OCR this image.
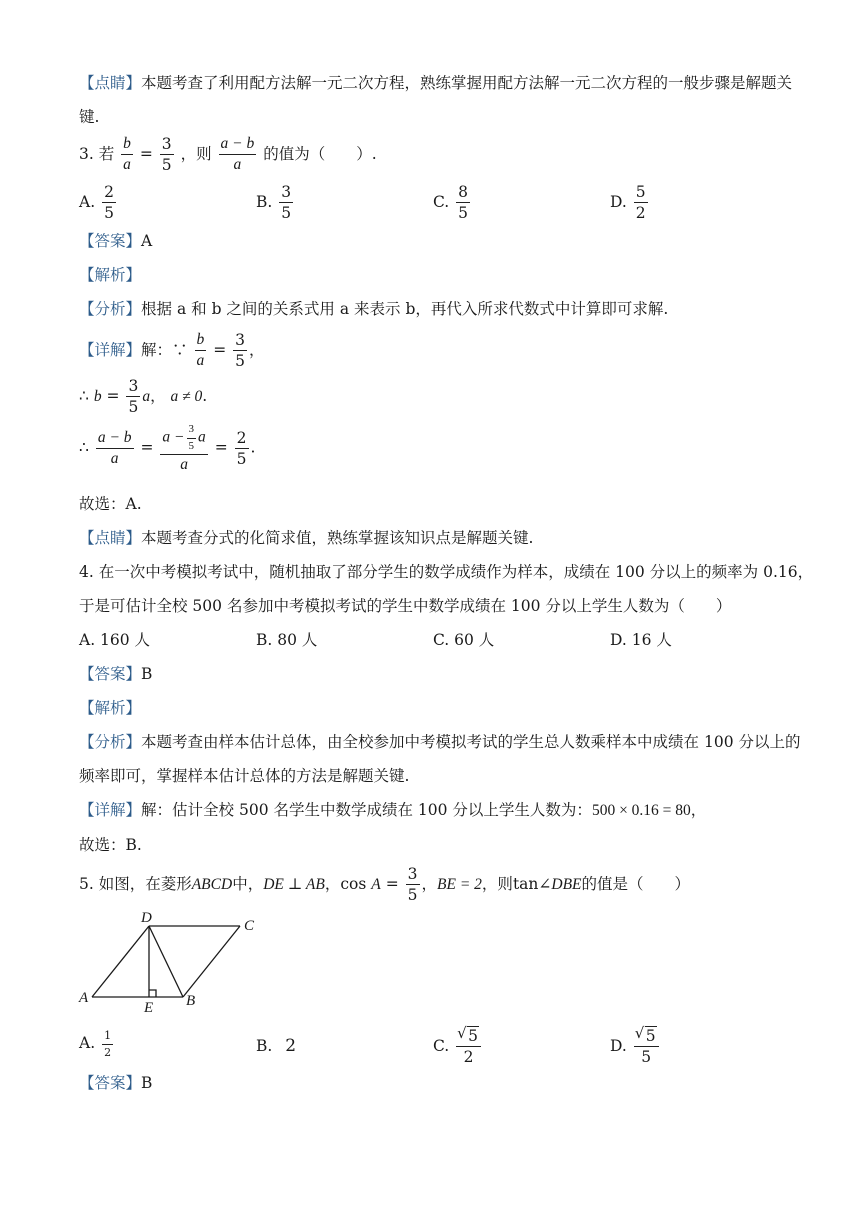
【点睛】本题考查了利用配方法解一元二次方程，熟练掌握用配方法解一元二次方程的一般步骤是解题关
键.
3. 若 $\frac{b}{a} = \frac{3}{5}$ ，则 $\frac{a - b}{a}$ 的值为（　　）.
A. $\frac{2}{5}$	B. $\frac{3}{5}$	C. $\frac{8}{5}$	D. $\frac{5}{2}$
【答案】A
【解析】
【分析】根据 a 和 b 之间的关系式用 a 来表示 b，再代入所求代数式中计算即可求解.
【详解】解：∵ $\frac{b}{a} = \frac{3}{5}$ ，
∴ $b = \frac{3}{5}$ a， a ≠ 0.
∴ $\frac{a - b}{a} = \frac{a - \frac{3}{5} a}{a} = \frac{2}{5}$ .
故选：A.
【点睛】本题考查分式的化简求值，熟练掌握该知识点是解题关键.
4. 在一次中考模拟考试中，随机抽取了部分学生的数学成绩作为样本，成绩在 100 分以上的频率为 0.16，
于是可估计全校 500 名参加中考模拟考试的学生中数学成绩在 100 分以上学生人数为（　　）
A. 160 人	B. 80 人	C. 60 人	D. 16 人
【答案】B
【解析】
【分析】本题考查由样本估计总体，由全校参加中考模拟考试的学生总人数乘样本中成绩在 100 分以上的
频率即可，掌握样本估计总体的方法是解题关键.
【详解】解：估计全校 500 名学生中数学成绩在 100 分以上学生人数为：500 × 0.16 = 80，
故选：B.
5. 如图，在菱形ABCD中，DE ⊥ AB，$\cos A = \frac{3}{5}$ ，BE = 2，则tan∠DBE的值是（　　）
A	B
C
D
E
A. $\frac{1}{2}$	B. 2	C. √ $\frac{5}{2}$	D. √ $\frac{5}{5}$
【答案】B
